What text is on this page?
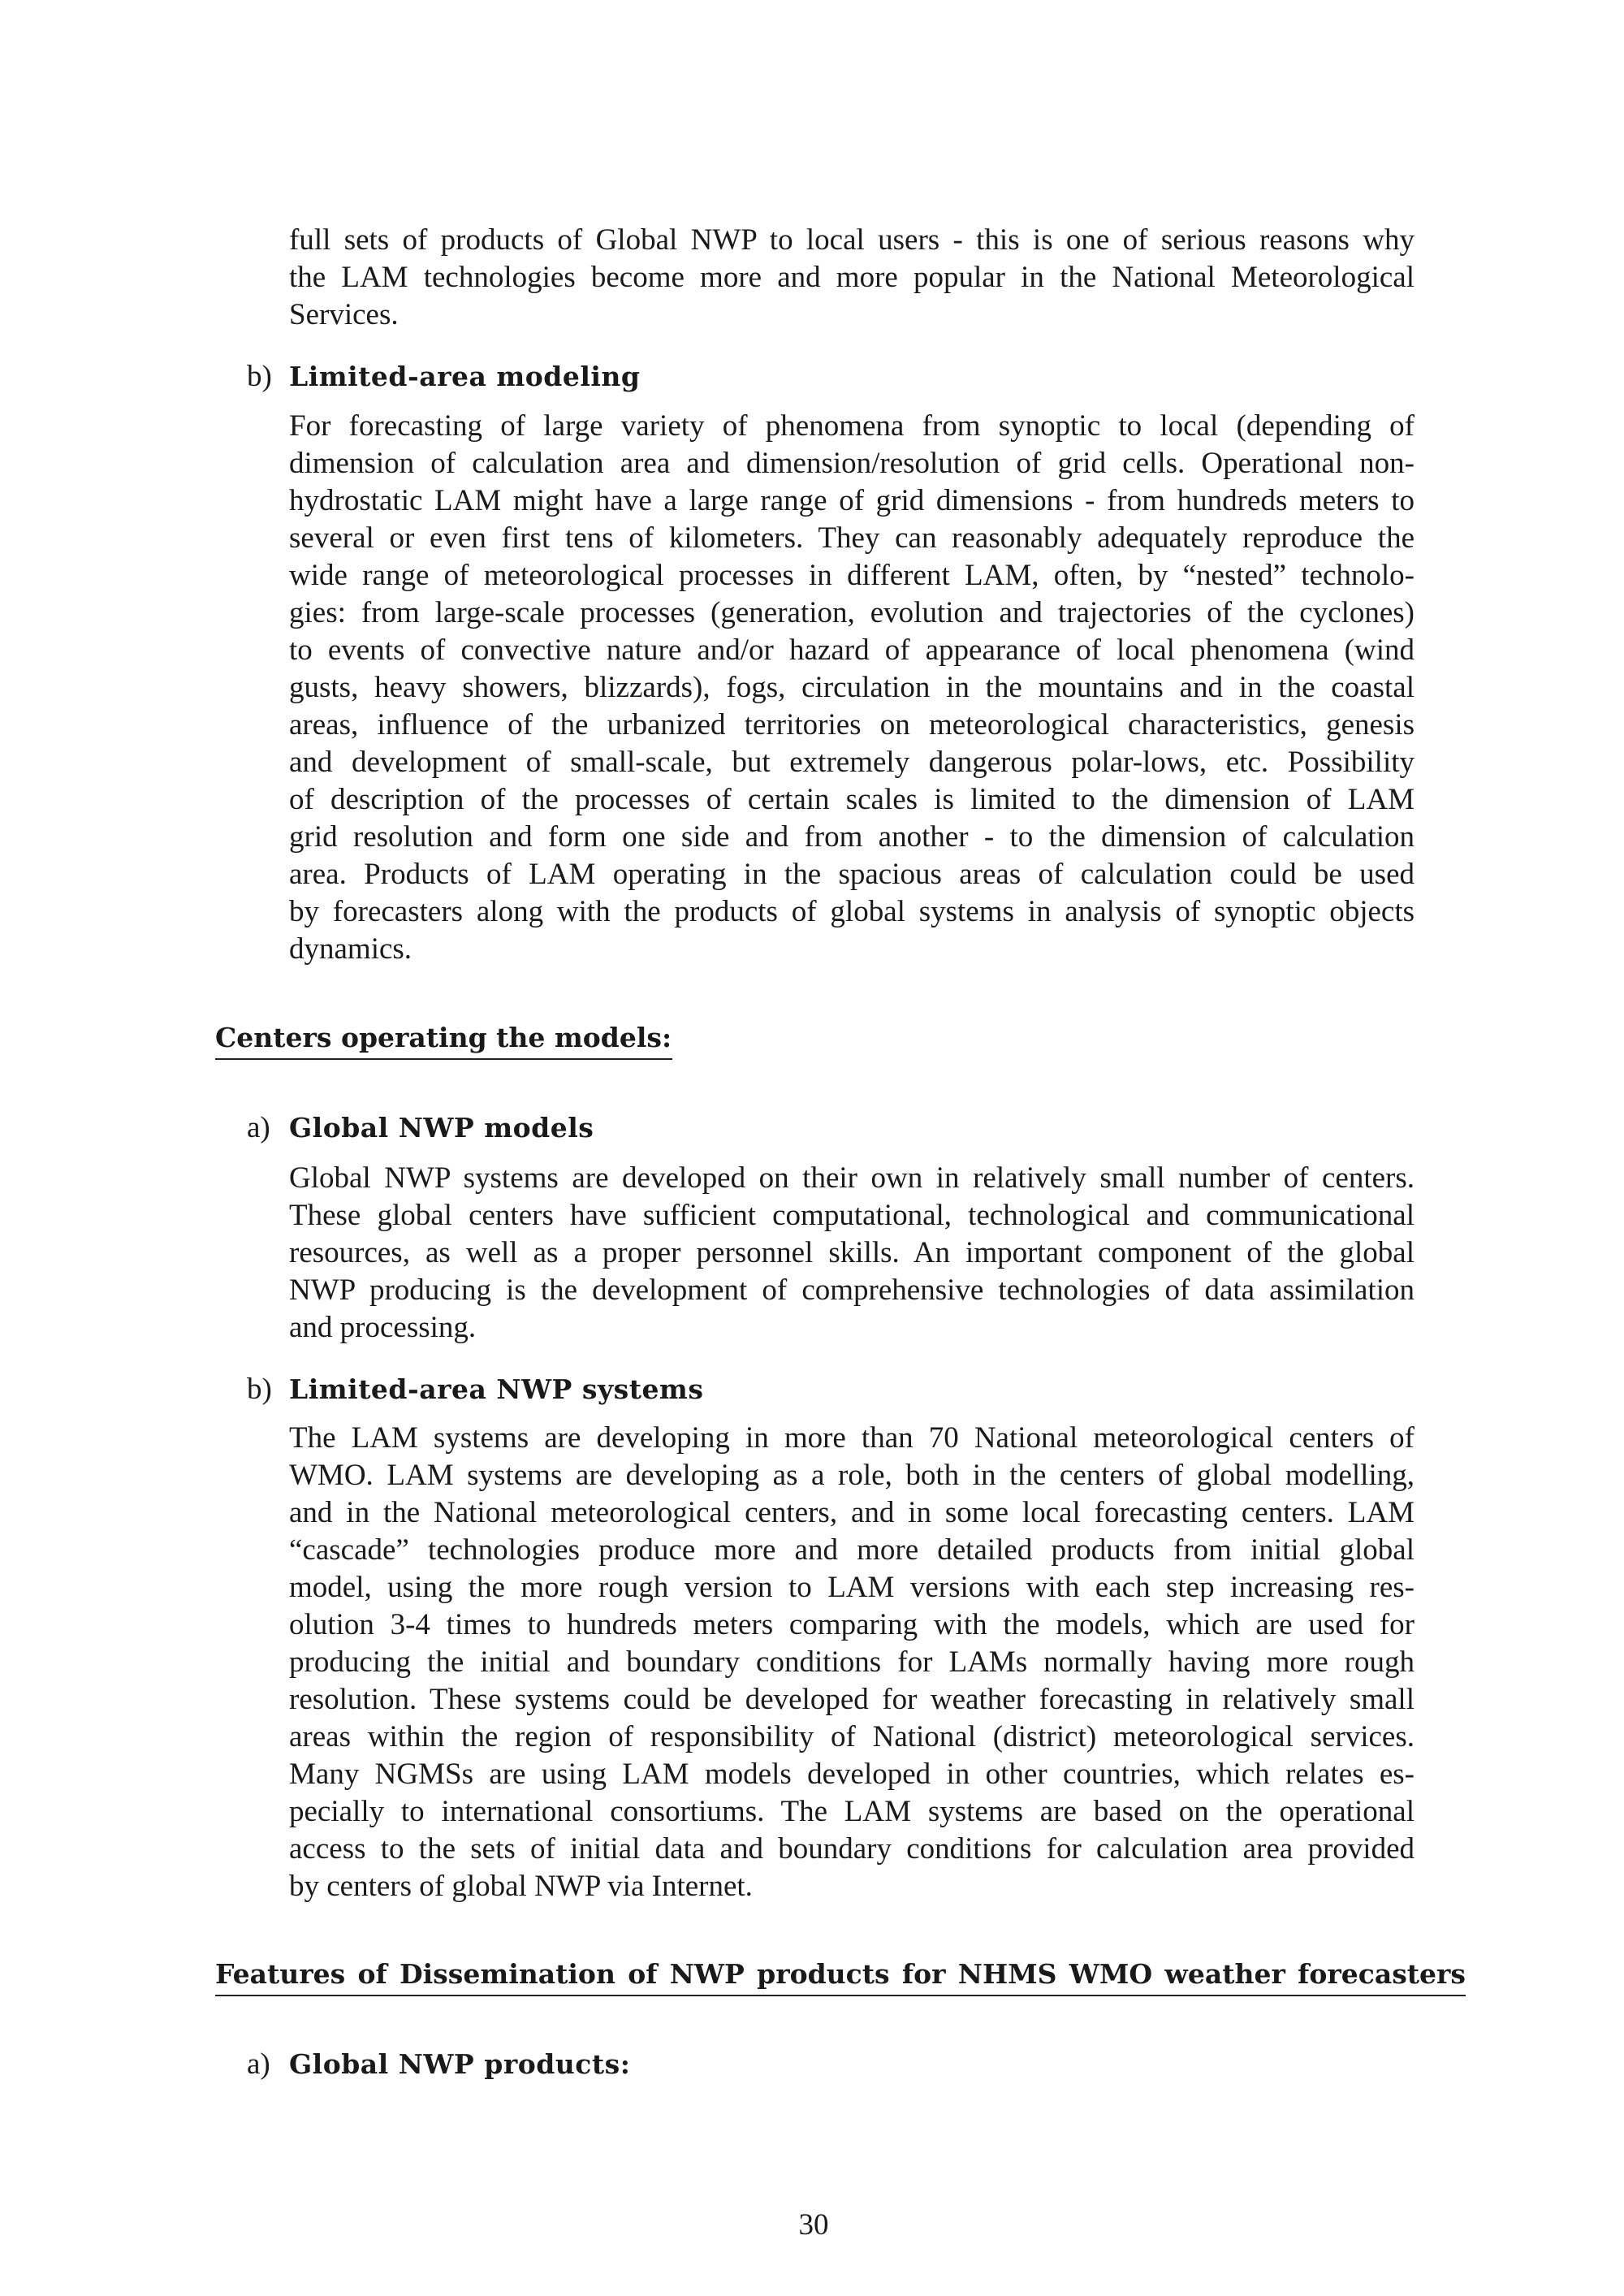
full sets of products of Global NWP to local users - this is one of serious reasons why
the LAM technologies become more and more popular in the National Meteorological
Services.
b) Limited-area modeling
For forecasting of large variety of phenomena from synoptic to local (depending of
dimension of calculation area and dimension/resolution of grid cells. Operational non-
hydrostatic LAM might have a large range of grid dimensions - from hundreds meters to
several or even first tens of kilometers. They can reasonably adequately reproduce the
wide range of meteorological processes in different LAM, often, by “nested” technolo-
gies: from large-scale processes (generation, evolution and trajectories of the cyclones)
to events of convective nature and/or hazard of appearance of local phenomena (wind
gusts, heavy showers, blizzards), fogs, circulation in the mountains and in the coastal
areas, influence of the urbanized territories on meteorological characteristics, genesis
and development of small-scale, but extremely dangerous polar-lows, etc. Possibility
of description of the processes of certain scales is limited to the dimension of LAM
grid resolution and form one side and from another - to the dimension of calculation
area. Products of LAM operating in the spacious areas of calculation could be used
by forecasters along with the products of global systems in analysis of synoptic objects
dynamics.
Centers operating the models:
a) Global NWP models
Global NWP systems are developed on their own in relatively small number of centers.
These global centers have sufficient computational, technological and communicational
resources, as well as a proper personnel skills. An important component of the global
NWP producing is the development of comprehensive technologies of data assimilation
and processing.
b) Limited-area NWP systems
The LAM systems are developing in more than 70 National meteorological centers of
WMO. LAM systems are developing as a role, both in the centers of global modelling,
and in the National meteorological centers, and in some local forecasting centers. LAM
“cascade” technologies produce more and more detailed products from initial global
model, using the more rough version to LAM versions with each step increasing res-
olution 3-4 times to hundreds meters comparing with the models, which are used for
producing the initial and boundary conditions for LAMs normally having more rough
resolution. These systems could be developed for weather forecasting in relatively small
areas within the region of responsibility of National (district) meteorological services.
Many NGMSs are using LAM models developed in other countries, which relates es-
pecially to international consortiums. The LAM systems are based on the operational
access to the sets of initial data and boundary conditions for calculation area provided
by centers of global NWP via Internet.
Features of Dissemination of NWP products for NHMS WMO weather forecasters
a) Global NWP products:
30
